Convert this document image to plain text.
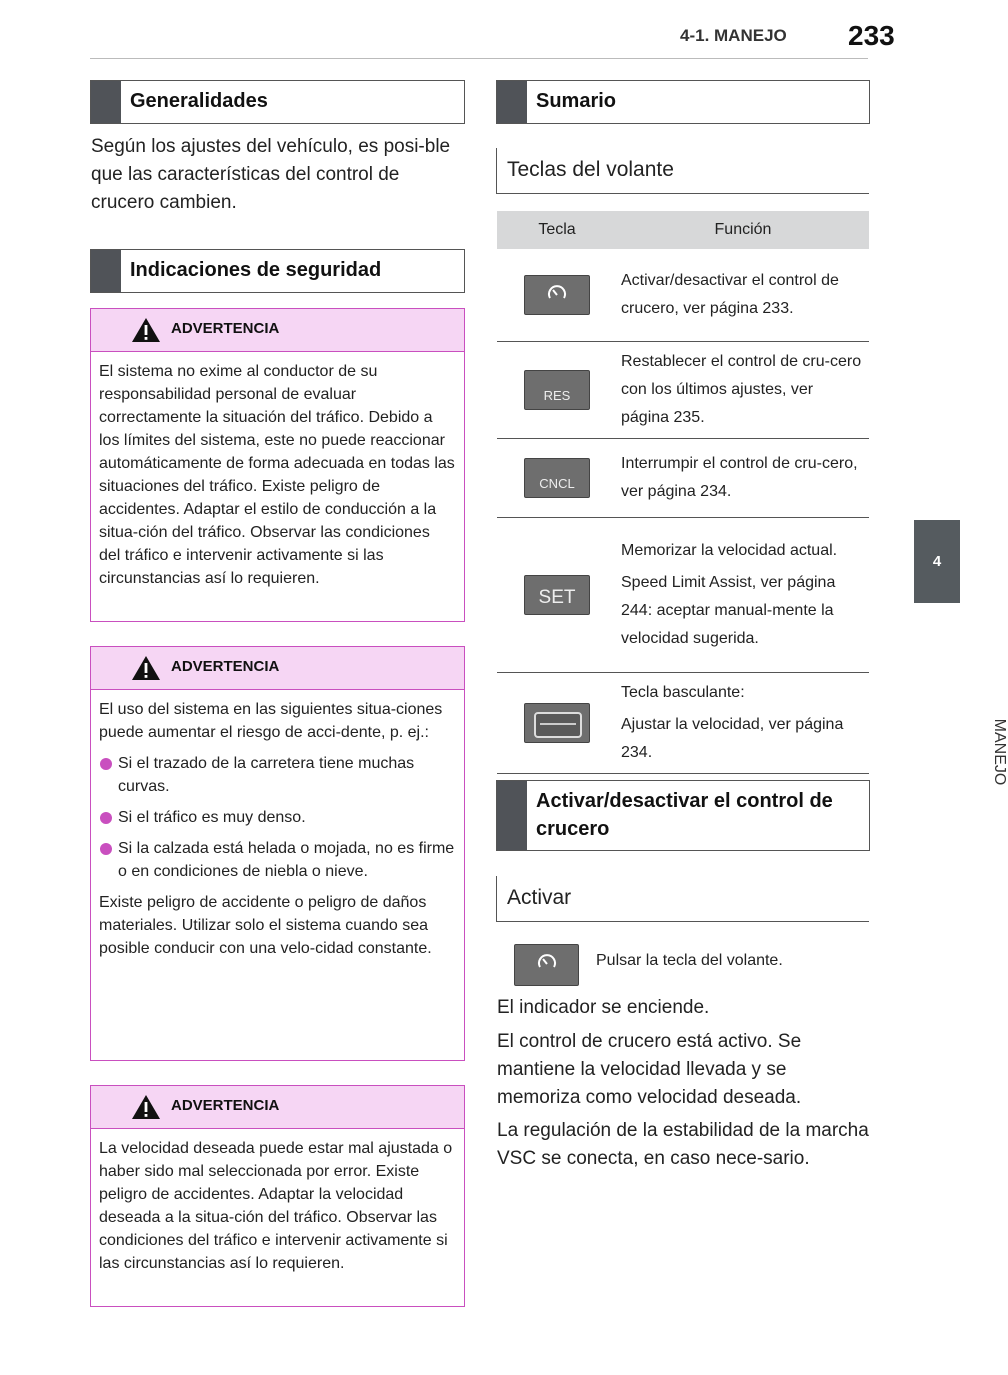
4-1. MANEJO 233
4
MANEJO
Generalidades
Según los ajustes del vehículo, es posi-ble que las características del control de crucero cambien.
Indicaciones de seguridad
ADVERTENCIA
El sistema no exime al conductor de su responsabilidad personal de evaluar correctamente la situación del tráfico. Debido a los límites del sistema, este no puede reaccionar automáticamente de forma adecuada en todas las situaciones del tráfico. Existe peligro de accidentes. Adaptar el estilo de conducción a la situa-ción del tráfico. Observar las condiciones del tráfico e intervenir activamente si las circunstancias así lo requieren.
ADVERTENCIA
El uso del sistema en las siguientes situa-ciones puede aumentar el riesgo de acci-dente, p. ej.:
Si el trazado de la carretera tiene muchas curvas.
Si el tráfico es muy denso.
Si la calzada está helada o mojada, no es firme o en condiciones de niebla o nieve.
Existe peligro de accidente o peligro de daños materiales. Utilizar solo el sistema cuando sea posible conducir con una velo-cidad constante.
ADVERTENCIA
La velocidad deseada puede estar mal ajustada o haber sido mal seleccionada por error. Existe peligro de accidentes. Adaptar la velocidad deseada a la situa-ción del tráfico. Observar las condiciones del tráfico e intervenir activamente si las circunstancias así lo requieren.
Sumario
Teclas del volante
Tecla	Función

	Activar/desactivar el control de crucero, ver página 233.

RES	Restablecer el control de cru-cero con los últimos ajustes, ver página 235.

CNCL	Interrumpir el control de cru-cero, ver página 234.

SET	Memorizar la velocidad actual.
Speed Limit Assist, ver página 244: aceptar manual-mente la velocidad sugerida.

	Tecla basculante:
Ajustar la velocidad, ver página 234.
Activar/desactivar el control de crucero
Activar
Pulsar la tecla del volante.
El indicador se enciende.
El control de crucero está activo. Se mantiene la velocidad llevada y se memoriza como velocidad deseada.
La regulación de la estabilidad de la marcha VSC se conecta, en caso nece-sario.
